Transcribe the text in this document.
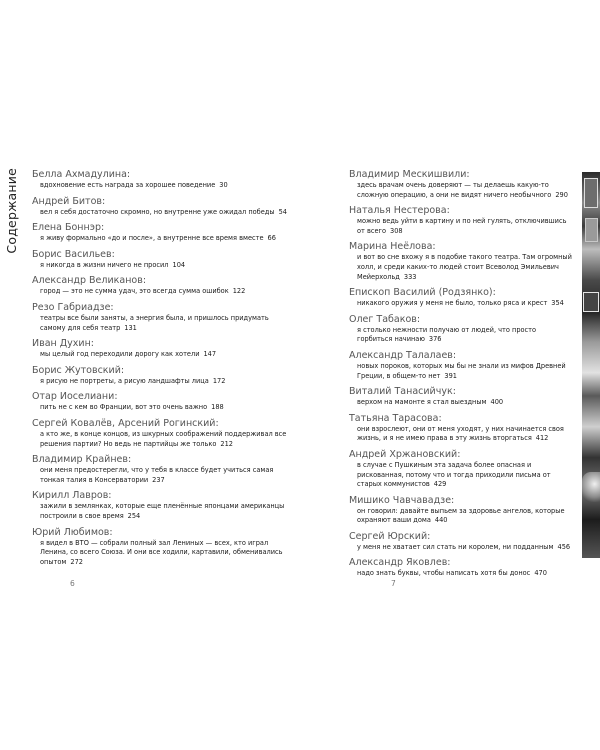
Содержание Белла Ахмадулина:
вдохновение есть награда за хорошее поведение 30
Андрей Битов:
вел я себя достаточно скромно, но внутренне уже ожидал победы 54
Елена Боннэр:
я живу формально «до и после», а внутренне все время вместе 66
Борис Васильев:
я никогда в жизни ничего не просил 104
Александр Великанов:
город — это не сумма удач, это всегда сумма ошибок 122
Резо Габриадзе:
театры все были заняты, а энергия была, и пришлось придумать самому для себя театр 131
Иван Духин:
мы целый год переходили дорогу как хотели 147
Борис Жутовский:
я рисую не портреты, а рисую ландшафты лица 172
Отар Иоселиани:
пить не с кем во Франции, вот это очень важно 188
Сергей Ковалёв, Арсений Рогинский:
а кто же, в конце концов, из шкурных соображений поддерживал все решения партии? Но ведь не партийцы же только 212
Владимир Крайнев:
они меня предостерегли, что у тебя в классе будет учиться самая тонкая талия в Консерватории 237
Кирилл Лавров:
зажили в землянках, которые еще пленённые японцами американцы построили в свое время 254
Юрий Любимов:
я видел в ВТО — собрали полный зал Лениных — всех, кто играл Ленина, со всего Союза. И они все ходили, картавили, обменивались опытом 272
Владимир Мескишвили:
здесь врачам очень доверяют — ты делаешь какую-то сложную операцию, а они не видят ничего необычного 290
Наталья Нестерова:
можно ведь уйти в картину и по ней гулять, отключившись от всего 308
Марина Неёлова:
и вот во сне вхожу я в подобие такого театра. Там огромный холл, и среди каких-то людей стоит Всеволод Эмильевич Мейерхольд 333
Епископ Василий (Родзянко):
никакого оружия у меня не было, только ряса и крест 354
Олег Табаков:
я столько нежности получаю от людей, что просто горбиться начинаю 376
Александр Талалаев:
новых пороков, которых мы бы не знали из мифов Древней Греции, в общем-то нет 391
Виталий Танасийчук:
верхом на мамонте я стал выездным 400
Татьяна Тарасова:
они взрослеют, они от меня уходят, у них начинается своя жизнь, и я не имею права в эту жизнь вторгаться 412
Андрей Хржановский:
в случае с Пушкиным эта задача более опасная и рискованная, потому что и тогда приходили письма от старых коммунистов 429
Мишико Чавчавадзе:
он говорил: давайте выпьем за здоровье ангелов, которые охраняют ваши дома 440
Сергей Юрский:
у меня не хватает сил стать ни королем, ни подданным 456
Александр Яковлев:
надо знать буквы, чтобы написать хотя бы донос 470
6	7
